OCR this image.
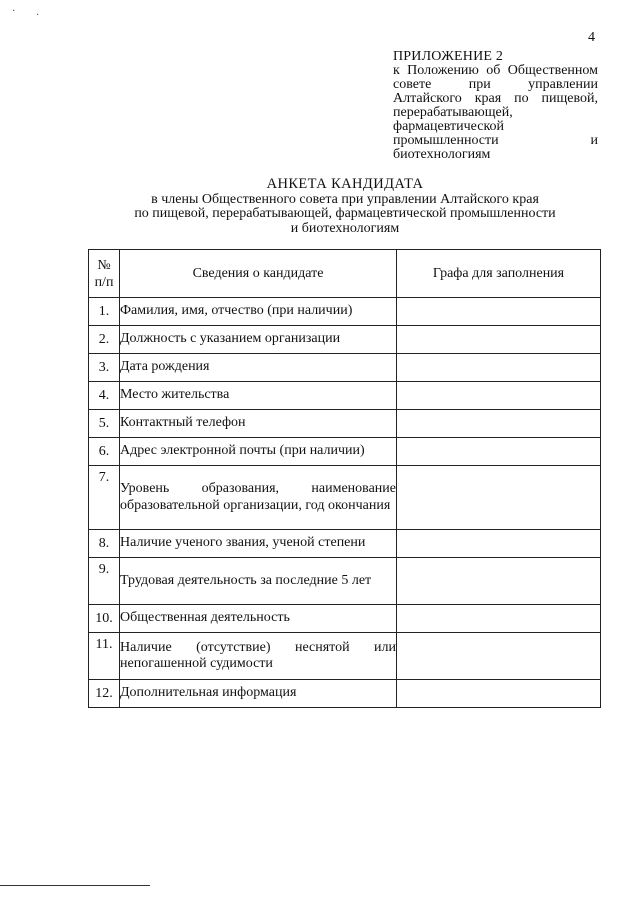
· ·
4
ПРИЛОЖЕНИЕ 2
к Положению об Общественном совете при управлении Алтайского края по пищевой, перерабатывающей, фармацевтической промышленности и биотехнологиям
АНКЕТА КАНДИДАТА
в члены Общественного совета при управлении Алтайского края
по пищевой, перерабатывающей, фармацевтической промышленности
и биотехнологиям
№
п/п	Сведения о кандидате	Графа для заполнения
1.	Фамилия, имя, отчество (при наличии)	
2.	Должность с указанием организации	
3.	Дата рождения	
4.	Место жительства	
5.	Контактный телефон	
6.	Адрес электронной почты (при наличии)	
7.	Уровень образования, наименование образовательной организации, год окончания	
8.	Наличие ученого звания, ученой степени	
9.	Трудовая деятельность за последние 5 лет	
10.	Общественная деятельность	
11.	Наличие (отсутствие) неснятой или непогашенной судимости	
12.	Дополнительная информация	
